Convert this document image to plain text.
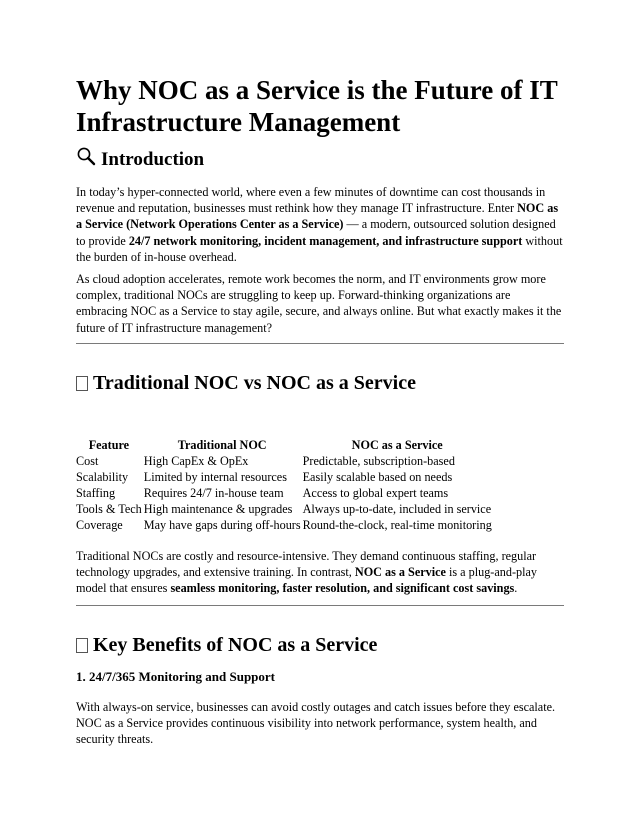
Why NOC as a Service is the Future of IT Infrastructure Management
Introduction

In today’s hyper-connected world, where even a few minutes of downtime can cost thousands in revenue and reputation, businesses must rethink how they manage IT infrastructure. Enter NOC as a Service (Network Operations Center as a Service) — a modern, outsourced solution designed to provide 24/7 network monitoring, incident management, and infrastructure support without the burden of in-house overhead.

As cloud adoption accelerates, remote work becomes the norm, and IT environments grow more complex, traditional NOCs are struggling to keep up. Forward-thinking organizations are embracing NOC as a Service to stay agile, secure, and always online. But what exactly makes it the future of IT infrastructure management?

Traditional NOC vs NOC as a Service
Feature	Traditional NOC	NOC as a Service
Cost	High CapEx & OpEx	Predictable, subscription-based
Scalability	Limited by internal resources	Easily scalable based on needs
Staffing	Requires 24/7 in-house team	Access to global expert teams
Tools & Tech	High maintenance & upgrades	Always up-to-date, included in service
Coverage	May have gaps during off-hours	Round-the-clock, real-time monitoring

Traditional NOCs are costly and resource-intensive. They demand continuous staffing, regular technology upgrades, and extensive training. In contrast, NOC as a Service is a plug-and-play model that ensures seamless monitoring, faster resolution, and significant cost savings.

Key Benefits of NOC as a Service
1. 24/7/365 Monitoring and Support

With always-on service, businesses can avoid costly outages and catch issues before they escalate. NOC as a Service provides continuous visibility into network performance, system health, and security threats.
